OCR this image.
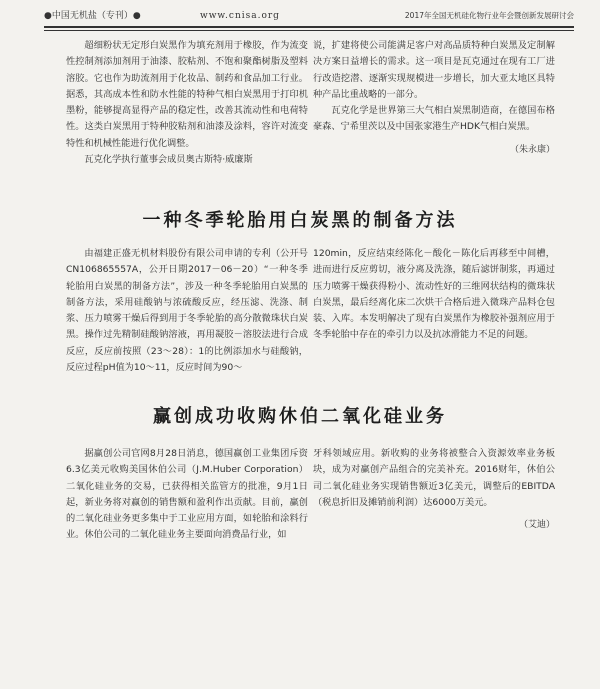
●中国无机盐（专刊）●	www.cnisa.org	2017年全国无机硅化物行业年会暨创新发展研讨会

超细粉状无定形白炭黑作为填充剂用于橡胶，作为流变性控制剂添加剂用于油漆、胶粘剂、不饱和聚酯树脂及塑料溶胶。它也作为助流剂用于化妆品、制药和食品加工行业。据悉，其高成本性和防水性能的特种气相白炭黑用于打印机墨粉，能够提高显得产品的稳定性，改善其流动性和电荷特性。这类白炭黑用于特种胶粘剂和油漆及涂料，容许对流变特性和机械性能进行优化调整。

瓦克化学执行董事会成员奥古斯特·威廉斯

说，扩建将使公司能满足客户对高品质特种白炭黑及定制解决方案日益增长的需求。这一项目是瓦克通过在现有工厂进行改造挖潜、逐渐实现规模进一步增长，加大亚太地区具特种产品比重战略的一部分。

瓦克化学是世界第三大气相白炭黑制造商，在德国布格豪森、宁希里茨以及中国张家港生产HDK气相白炭黑。

（朱永康）
一种冬季轮胎用白炭黑的制备方法

由福建正盛无机材料股份有限公司申请的专利（公开号CN106865557A，公开日期2017－06－20）“一种冬季轮胎用白炭黑的制备方法”，涉及一种冬季轮胎用白炭黑的制备方法，采用硅酸钠与浓硫酸反应，经压滤、洗涤、制浆、压力喷雾干燥后得到用于冬季轮胎的高分散微珠状白炭黑。操作过先精制硅酸钠溶液，再用凝胶－溶胶法进行合成反应，反应前按照（23～28）：1的比例添加水与硅酸钠，反应过程pH值为10～11，反应时间为90～

120min，反应结束经陈化－酸化－陈化后再移至中间槽，进而进行反应剪切，液分离及洗涤，随后滤饼制浆，再通过压力喷雾干燥获得粉小、流动性好的三维网状结构的微珠状白炭黑，最后经离化床二次烘干合格后进入微珠产品料仓包装、入库。本发明解决了现有白炭黑作为橡胶补强剂应用于冬季轮胎中存在的牵引力以及抗冰滑能力不足的问题。

赢创成功收购休伯二氧化硅业务

据赢创公司官网8月28日消息，德国赢创工业集团斥资6.3亿美元收购美国休伯公司（J.M.Huber Corporation）二氧化硅业务的交易，已获得相关监管方的批准，9月1日起，新业务将对赢创的销售额和盈利作出贡献。目前，赢创的二氧化硅业务更多集中于工业应用方面，如轮胎和涂料行业。休伯公司的二氧化硅业务主要面向消费品行业，如

牙科领域应用。新收购的业务将被整合入资源效率业务板块，成为对赢创产品组合的完美补充。2016财年，休伯公司二氧化硅业务实现销售额近3亿美元，调整后的EBITDA（税息折旧及摊销前利润）达6000万美元。

（艾迪）
